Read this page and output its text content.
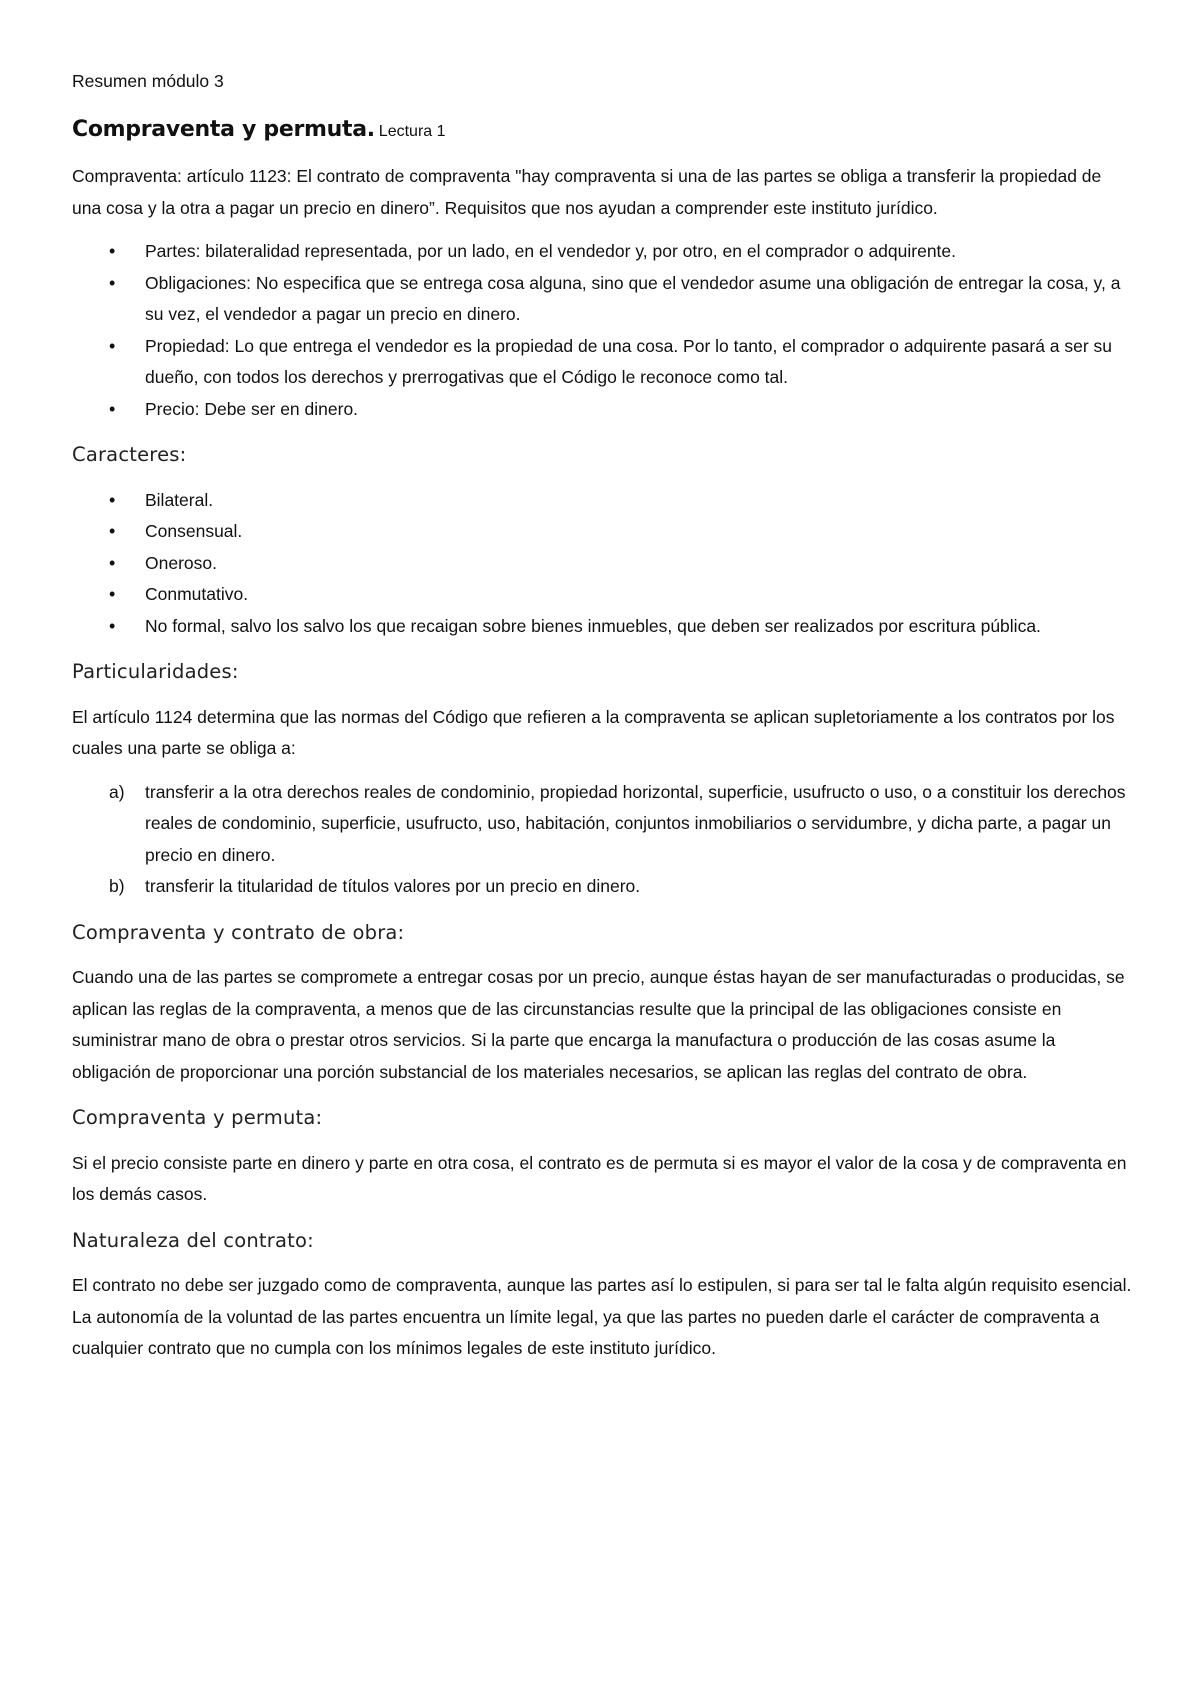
Resumen módulo 3
Compraventa y permuta. Lectura 1

Compraventa: artículo 1123: El contrato de compraventa "hay compraventa si una de las partes se obliga a transferir la propiedad de una cosa y la otra a pagar un precio en dinero”. Requisitos que nos ayudan a comprender este instituto jurídico.

• Partes: bilateralidad representada, por un lado, en el vendedor y, por otro, en el comprador o adquirente.
• Obligaciones: No especifica que se entrega cosa alguna, sino que el vendedor asume una obligación de entregar la cosa, y, a su vez, el vendedor a pagar un precio en dinero.
• Propiedad: Lo que entrega el vendedor es la propiedad de una cosa. Por lo tanto, el comprador o adquirente pasará a ser su dueño, con todos los derechos y prerrogativas que el Código le reconoce como tal.
• Precio: Debe ser en dinero.
Caracteres:
• Bilateral.
• Consensual.
• Oneroso.
• Conmutativo.
• No formal, salvo los salvo los que recaigan sobre bienes inmuebles, que deben ser realizados por escritura pública.
Particularidades:

El artículo 1124 determina que las normas del Código que refieren a la compraventa se aplican supletoriamente a los contratos por los cuales una parte se obliga a:

a) transferir a la otra derechos reales de condominio, propiedad horizontal, superficie, usufructo o uso, o a constituir los derechos reales de condominio, superficie, usufructo, uso, habitación, conjuntos inmobiliarios o servidumbre, y dicha parte, a pagar un precio en dinero.
b) transferir la titularidad de títulos valores por un precio en dinero.
Compraventa y contrato de obra:

Cuando una de las partes se compromete a entregar cosas por un precio, aunque éstas hayan de ser manufacturadas o producidas, se aplican las reglas de la compraventa, a menos que de las circunstancias resulte que la principal de las obligaciones consiste en suministrar mano de obra o prestar otros servicios. Si la parte que encarga la manufactura o producción de las cosas asume la obligación de proporcionar una porción substancial de los materiales necesarios, se aplican las reglas del contrato de obra.

Compraventa y permuta:

Si el precio consiste parte en dinero y parte en otra cosa, el contrato es de permuta si es mayor el valor de la cosa y de compraventa en los demás casos.

Naturaleza del contrato:

El contrato no debe ser juzgado como de compraventa, aunque las partes así lo estipulen, si para ser tal le falta algún requisito esencial. La autonomía de la voluntad de las partes encuentra un límite legal, ya que las partes no pueden darle el carácter de compraventa a cualquier contrato que no cumpla con los mínimos legales de este instituto jurídico.
